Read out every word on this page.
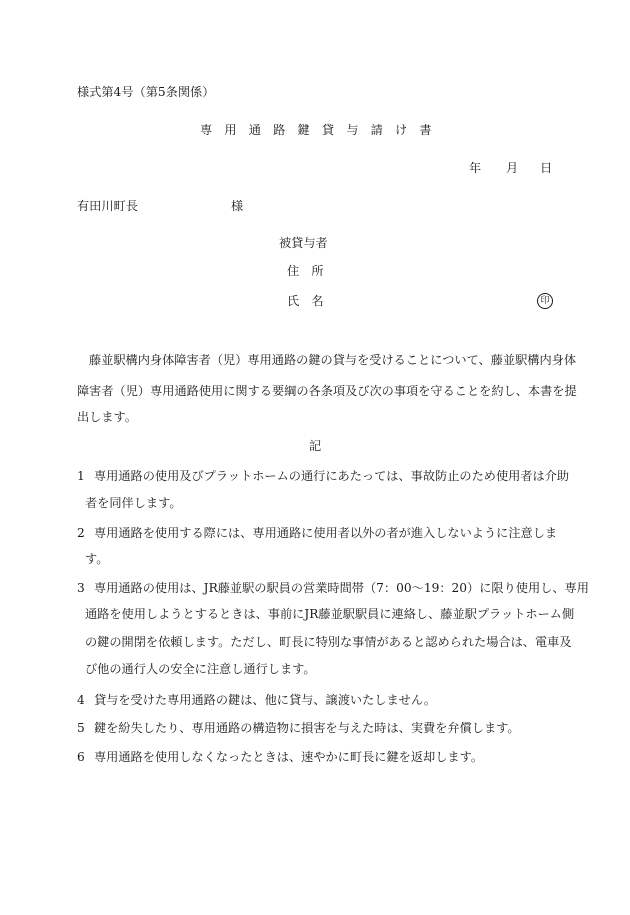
様式第4号（第5条関係）
専　用　通　路　鍵　貸　与　請　け　書
年 月 日
有田川町長	様
被貸与者
住　所
氏　名	印
藤並駅構内身体障害者（児）専用通路の鍵の貸与を受けることについて、藤並駅構内身体
障害者（児）専用通路使用に関する要綱の各条項及び次の事項を守ることを約し、本書を提
出します。
記
1 専用通路の使用及びプラットホームの通行にあたっては、事故防止のため使用者は介助
者を同伴します。
2 専用通路を使用する際には、専用通路に使用者以外の者が進入しないように注意しま
す。
3 専用通路の使用は、JR藤並駅の駅員の営業時間帯（7：00〜19：20）に限り使用し、専用
通路を使用しようとするときは、事前にJR藤並駅駅員に連絡し、藤並駅プラットホーム側
の鍵の開閉を依頼します。ただし、町長に特別な事情があると認められた場合は、電車及
び他の通行人の安全に注意し通行します。
4 貸与を受けた専用通路の鍵は、他に貸与、譲渡いたしません。
5 鍵を紛失したり、専用通路の構造物に損害を与えた時は、実費を弁償します。
6 専用通路を使用しなくなったときは、速やかに町長に鍵を返却します。
